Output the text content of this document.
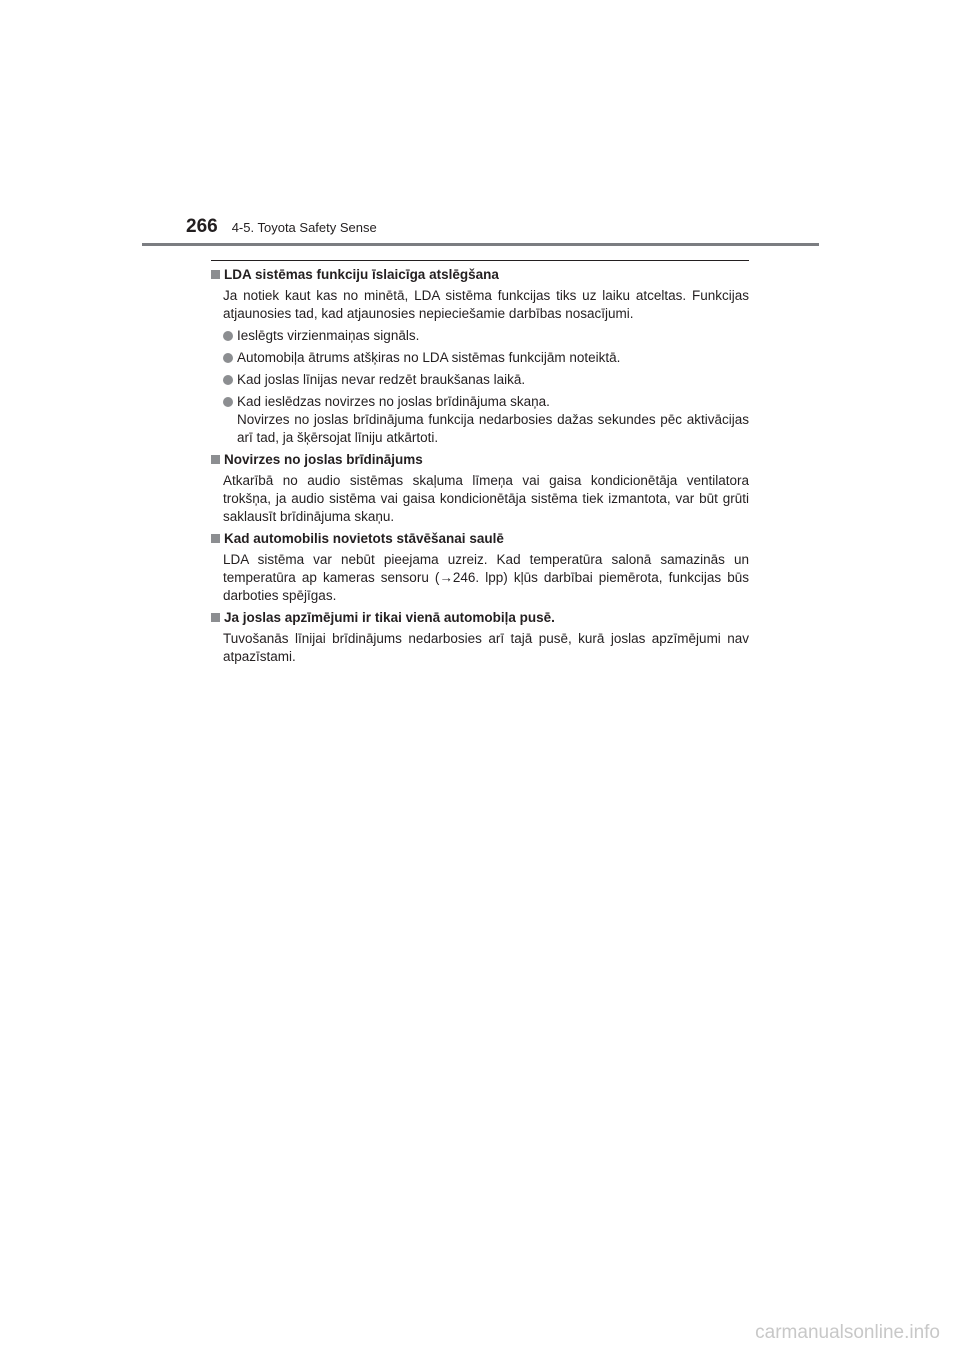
266 4-5. Toyota Safety Sense

LDA sistēmas funkciju īslaicīga atslēgšana

Ja notiek kaut kas no minētā, LDA sistēma funkcijas tiks uz laiku atceltas. Funkcijas atjaunosies tad, kad atjaunosies nepieciešamie darbības nosacījumi.

Ieslēgts virzienmaiņas signāls.
Automobiļa ātrums atšķiras no LDA sistēmas funkcijām noteiktā.
Kad joslas līnijas nevar redzēt braukšanas laikā.
Kad ieslēdzas novirzes no joslas brīdinājuma skaņa.

Novirzes no joslas brīdinājuma funkcija nedarbosies dažas sekundes pēc aktivācijas arī tad, ja šķērsojat līniju atkārtoti.

Novirzes no joslas brīdinājums

Atkarībā no audio sistēmas skaļuma līmeņa vai gaisa kondicionētāja ventilatora trokšņa, ja audio sistēma vai gaisa kondicionētāja sistēma tiek izmantota, var būt grūti saklausīt brīdinājuma skaņu.

Kad automobilis novietots stāvēšanai saulē

LDA sistēma var nebūt pieejama uzreiz. Kad temperatūra salonā samazinās un temperatūra ap kameras sensoru (→246. lpp) kļūs darbībai piemērota, funkcijas būs darboties spējīgas.

Ja joslas apzīmējumi ir tikai vienā automobiļa pusē.

Tuvošanās līnijai brīdinājums nedarbosies arī tajā pusē, kurā joslas apzīmējumi nav atpazīstami.

carmanualsonline.info
